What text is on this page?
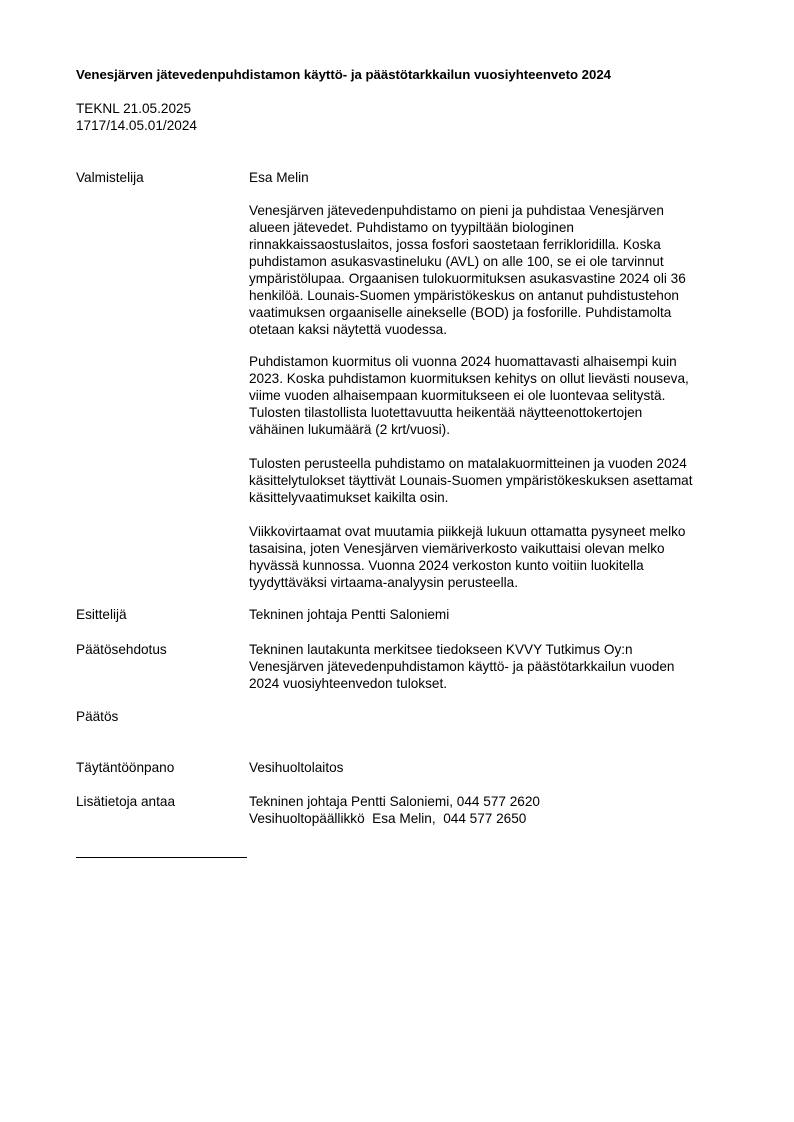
Venesjärven jätevedenpuhdistamon käyttö- ja päästötarkkailun vuosiyhteenveto 2024
TEKNL 21.05.2025
1717/14.05.01/2024
Valmistelija	Esa Melin
Venesjärven jätevedenpuhdistamo on pieni ja puhdistaa Venesjärven
alueen jätevedet. Puhdistamo on tyypiltään biologinen
rinnakkaissaostuslaitos, jossa fosfori saostetaan ferrikloridilla. Koska
puhdistamon asukasvastineluku (AVL) on alle 100, se ei ole tarvinnut
ympäristölupaa. Orgaanisen tulokuormituksen asukasvastine 2024 oli 36
henkilöä. Lounais-Suomen ympäristökeskus on antanut puhdistustehon
vaatimuksen orgaaniselle ainekselle (BOD) ja fosforille. Puhdistamolta
otetaan kaksi näytettä vuodessa.
Puhdistamon kuormitus oli vuonna 2024 huomattavasti alhaisempi kuin
2023. Koska puhdistamon kuormituksen kehitys on ollut lievästi nouseva,
viime vuoden alhaisempaan kuormitukseen ei ole luontevaa selitystä.
Tulosten tilastollista luotettavuutta heikentää näytteenottokertojen
vähäinen lukumäärä (2 krt/vuosi).
Tulosten perusteella puhdistamo on matalakuormitteinen ja vuoden 2024
käsittelytulokset täyttivät Lounais-Suomen ympäristökeskuksen asettamat
käsittelyvaatimukset kaikilta osin.
Viikkovirtaamat ovat muutamia piikkejä lukuun ottamatta pysyneet melko
tasaisina, joten Venesjärven viemäriverkosto vaikuttaisi olevan melko
hyvässä kunnossa. Vuonna 2024 verkoston kunto voitiin luokitella
tyydyttäväksi virtaama-analyysin perusteella.
Esittelijä	Tekninen johtaja Pentti Saloniemi
Päätösehdotus	Tekninen lautakunta merkitsee tiedokseen KVVY Tutkimus Oy:n
Venesjärven jätevedenpuhdistamon käyttö- ja päästötarkkailun vuoden
2024 vuosiyhteenvedon tulokset.
Päätös
Täytäntöönpano	Vesihuoltolaitos
Lisätietoja antaa	Tekninen johtaja Pentti Saloniemi, 044 577 2620
Vesihuoltopäällikkö  Esa Melin,  044 577 2650
